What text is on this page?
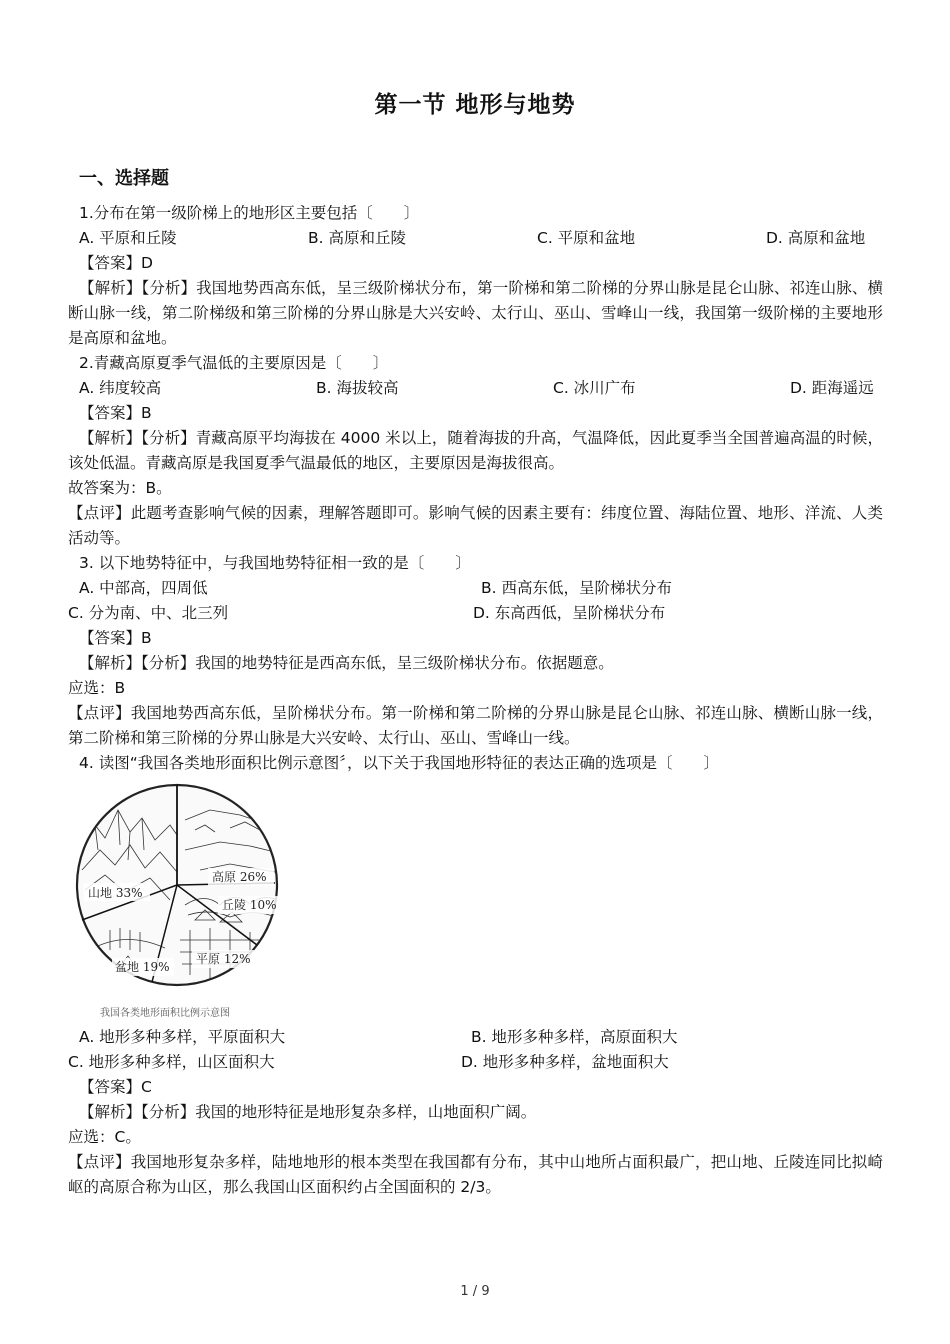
第一节 地形与地势
一、选择题
1.分布在第一级阶梯上的地形区主要包括〔　　〕
A. 平原和丘陵	B. 高原和丘陵	C. 平原和盆地	D. 高原和盆地
【答案】D
【解析】【分析】我国地势西高东低，呈三级阶梯状分布，第一阶梯和第二阶梯的分界山脉是昆仑山脉、祁连山脉、横断山脉一线，第二阶梯级和第三阶梯的分界山脉是大兴安岭、太行山、巫山、雪峰山一线，我国第一级阶梯的主要地形是高原和盆地。
2.青藏高原夏季气温低的主要原因是〔　　〕
A. 纬度较高	B. 海拔较高	C. 冰川广布	D. 距海遥远
【答案】B
【解析】【分析】青藏高原平均海拔在 4000 米以上，随着海拔的升高，气温降低，因此夏季当全国普遍高温的时候，该处低温。青藏高原是我国夏季气温最低的地区，主要原因是海拔很高。
故答案为：B。
【点评】此题考查影响气候的因素，理解答题即可。影响气候的因素主要有：纬度位置、海陆位置、地形、洋流、人类活动等。
3. 以下地势特征中，与我国地势特征相一致的是〔　　〕
A. 中部高，四周低	B. 西高东低，呈阶梯状分布
C. 分为南、中、北三列	D. 东高西低，呈阶梯状分布
【答案】B
【解析】【分析】我国的地势特征是西高东低，呈三级阶梯状分布。依据题意。
应选：B
【点评】我国地势西高东低，呈阶梯状分布。第一阶梯和第二阶梯的分界山脉是昆仑山脉、祁连山脉、横断山脉一线，第二阶梯和第三阶梯的分界山脉是大兴安岭、太行山、巫山、雪峰山一线。
4. 读图“我国各类地形面积比例示意图〞，以下关于我国地形特征的表达正确的选项是〔　　〕
山地 33%
高原 26%
丘陵 10%
盆地 19%
平原 12%
我国各类地形面积比例示意图
A. 地形多种多样，平原面积大	B. 地形多种多样，高原面积大
C. 地形多种多样，山区面积大	D. 地形多种多样，盆地面积大
【答案】C
【解析】【分析】我国的地形特征是地形复杂多样，山地面积广阔。
应选：C。
【点评】我国地形复杂多样，陆地地形的根本类型在我国都有分布，其中山地所占面积最广，把山地、丘陵连同比拟崎岖的高原合称为山区，那么我国山区面积约占全国面积的 2/3。
1 / 9
